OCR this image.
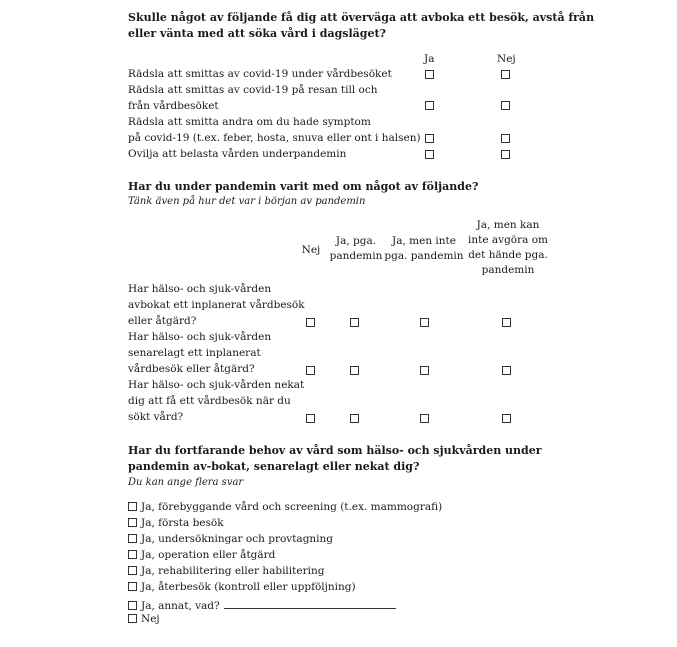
Skulle något av följande få dig att överväga att avboka ett besök, avstå från
eller vänta med att söka vård i dagsläget?
Ja	Nej
Rädsla att smittas av covid-19 under vårdbesöket
Rädsla att smittas av covid-19 på resan till och
från vårdbesöket
Rädsla att smitta andra om du hade symptom
på covid-19 (t.ex. feber, hosta, snuva eller ont i halsen)
Ovilja att belasta vården underpandemin
Har du under pandemin varit med om något av följande?
Tänk även på hur det var i början av pandemin
Nej
Ja, pga.
pandemin
Ja, men inte
pga. pandemin
Ja, men kan
inte avgöra om
det hände pga.
pandemin
Har hälso- och sjuk-vården
avbokat ett inplanerat vårdbesök
eller åtgärd?
Har hälso- och sjuk-vården
senarelagt ett inplanerat
vårdbesök eller åtgärd?
Har hälso- och sjuk-vården nekat
dig att få ett vårdbesök när du
sökt vård?
Har du fortfarande behov av vård som hälso- och sjukvården under
pandemin av-bokat, senarelagt eller nekat dig?
Du kan ange flera svar
Ja, förebyggande vård och screening (t.ex. mammografi)
Ja, första besök
Ja, undersökningar och provtagning
Ja, operation eller åtgärd
Ja, rehabilitering eller habilitering
Ja, återbesök (kontroll eller uppföljning)
Ja, annat, vad?
Nej
